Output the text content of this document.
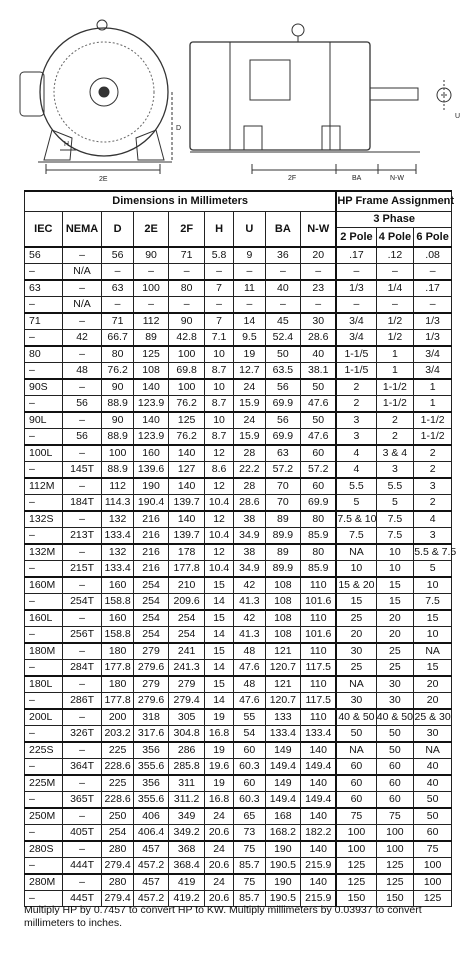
2E
D
H
2F	BA	N-W
U
Dimensions in Millimeters									HP Frame Assignment		
IEC	NEMA	D	2E	2F	H	U	BA	N-W	3 Phase		
									2 Pole	4 Pole	6 Pole
56	–	56	90	71	5.8	9	36	20	.17	.12	.08
–	N/A	–	–	–	–	–	–	–	–	–	–
63	–	63	100	80	7	11	40	23	1/3	1/4	.17
–	N/A	–	–	–	–	–	–	–	–	–	–
71	–	71	112	90	7	14	45	30	3/4	1/2	1/3
–	42	66.7	89	42.8	7.1	9.5	52.4	28.6	3/4	1/2	1/3
80	–	80	125	100	10	19	50	40	1-1/5	1	3/4
–	48	76.2	108	69.8	8.7	12.7	63.5	38.1	1-1/5	1	3/4
90S	–	90	140	100	10	24	56	50	2	1-1/2	1
–	56	88.9	123.9	76.2	8.7	15.9	69.9	47.6	2	1-1/2	1
90L	–	90	140	125	10	24	56	50	3	2	1-1/2
–	56	88.9	123.9	76.2	8.7	15.9	69.9	47.6	3	2	1-1/2
100L	–	100	160	140	12	28	63	60	4	3 & 4	2
–	145T	88.9	139.6	127	8.6	22.2	57.2	57.2	4	3	2
112M	–	112	190	140	12	28	70	60	5.5	5.5	3
–	184T	114.3	190.4	139.7	10.4	28.6	70	69.9	5	5	2
132S	–	132	216	140	12	38	89	80	7.5 & 10	7.5	4
–	213T	133.4	216	139.7	10.4	34.9	89.9	85.9	7.5	7.5	3
132M	–	132	216	178	12	38	89	80	NA	10	5.5 & 7.5
–	215T	133.4	216	177.8	10.4	34.9	89.9	85.9	10	10	5
160M	–	160	254	210	15	42	108	110	15 & 20	15	10
–	254T	158.8	254	209.6	14	41.3	108	101.6	15	15	7.5
160L	–	160	254	254	15	42	108	110	25	20	15
–	256T	158.8	254	254	14	41.3	108	101.6	20	20	10
180M	–	180	279	241	15	48	121	110	30	25	NA
–	284T	177.8	279.6	241.3	14	47.6	120.7	117.5	25	25	15
180L	–	180	279	279	15	48	121	110	NA	30	20
–	286T	177.8	279.6	279.4	14	47.6	120.7	117.5	30	30	20
200L	–	200	318	305	19	55	133	110	40 & 50	40 & 50	25 & 30
–	326T	203.2	317.6	304.8	16.8	54	133.4	133.4	50	50	30
225S	–	225	356	286	19	60	149	140	NA	50	NA
–	364T	228.6	355.6	285.8	19.6	60.3	149.4	149.4	60	60	40
225M	–	225	356	311	19	60	149	140	60	60	40
–	365T	228.6	355.6	311.2	16.8	60.3	149.4	149.4	60	60	50
250M	–	250	406	349	24	65	168	140	75	75	50
–	405T	254	406.4	349.2	20.6	73	168.2	182.2	100	100	60
280S	–	280	457	368	24	75	190	140	100	100	75
–	444T	279.4	457.2	368.4	20.6	85.7	190.5	215.9	125	125	100
280M	–	280	457	419	24	75	190	140	125	125	100
–	445T	279.4	457.2	419.2	20.6	85.7	190.5	215.9	150	150	125
Multiply HP by 0.7457 to convert HP to KW. Multiply millimeters by 0.03937 to convert millimeters to inches.
